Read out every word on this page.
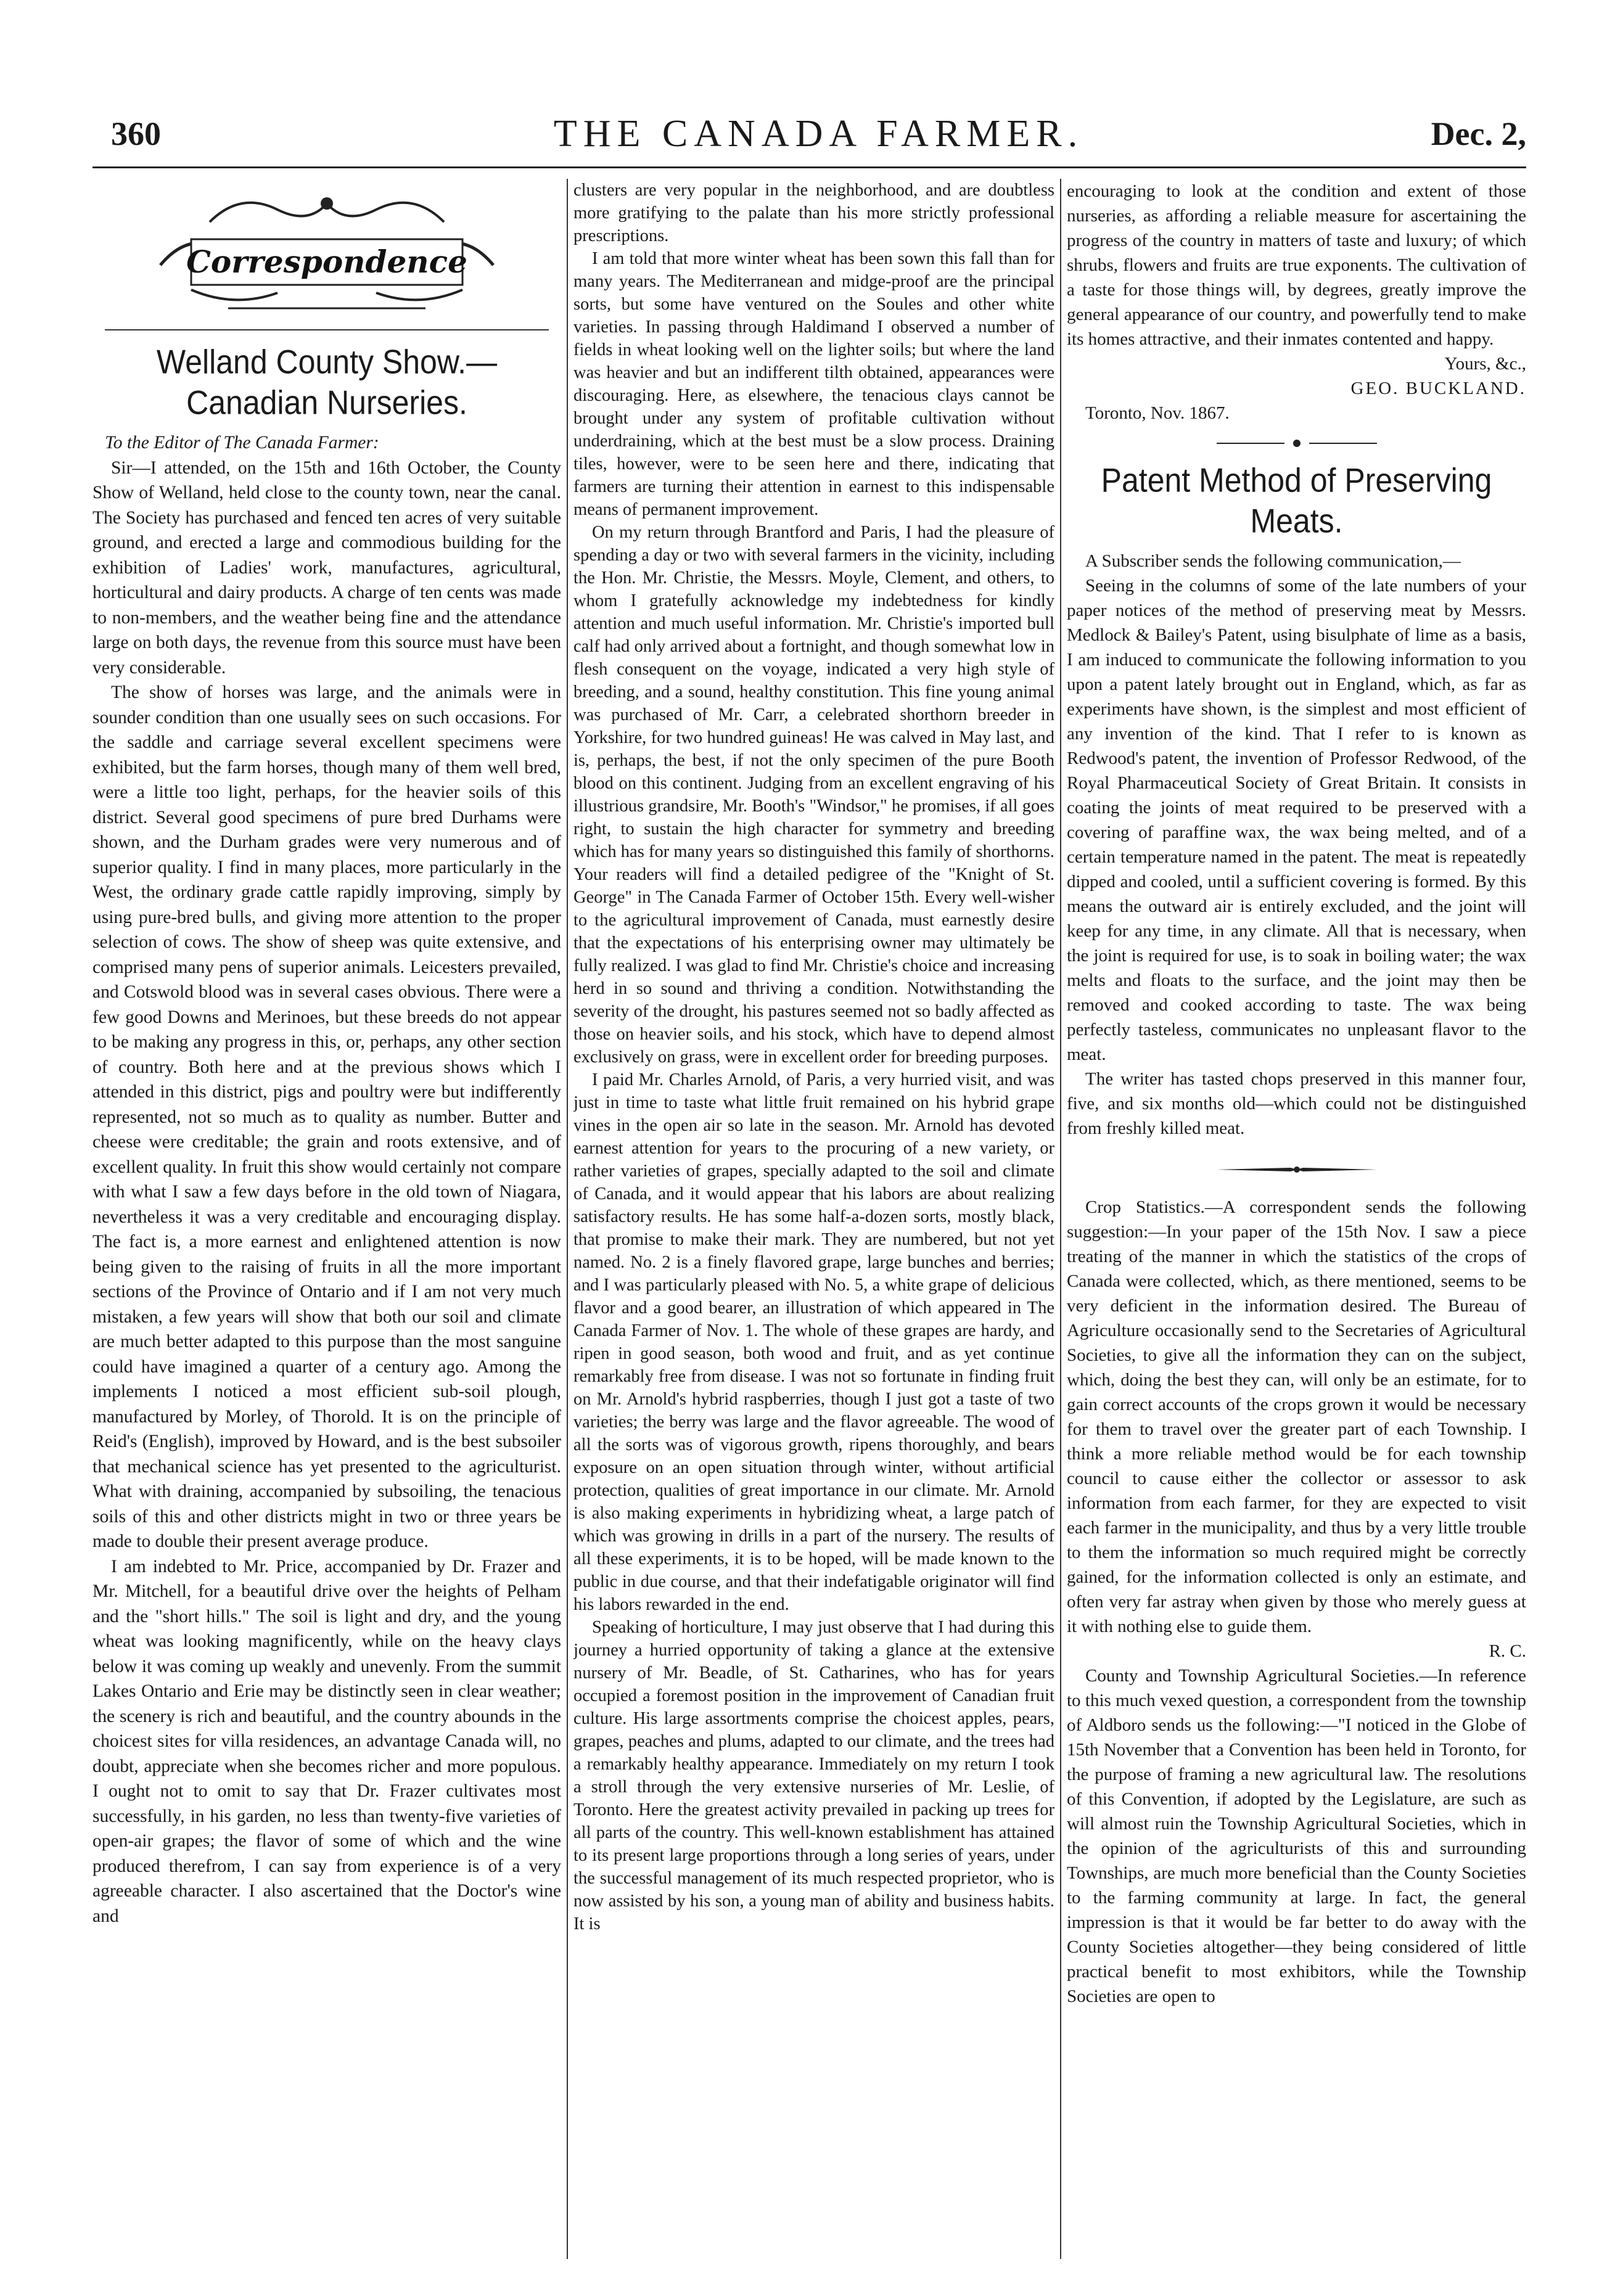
360	THE CANADA FARMER.	Dec. 2,
Correspondence
Welland County Show.—Canadian Nurseries.

To the Editor of The Canada Farmer:

Sir—I attended, on the 15th and 16th October, the County Show of Welland, held close to the county town, near the canal. The Society has purchased and fenced ten acres of very suitable ground, and erected a large and commodious building for the exhibition of Ladies' work, manufactures, agricultural, horticultural and dairy products. A charge of ten cents was made to non-members, and the weather being fine and the attendance large on both days, the revenue from this source must have been very considerable.

The show of horses was large, and the animals were in sounder condition than one usually sees on such occasions. For the saddle and carriage several excellent specimens were exhibited, but the farm horses, though many of them well bred, were a little too light, perhaps, for the heavier soils of this district. Several good specimens of pure bred Durhams were shown, and the Durham grades were very numerous and of superior quality. I find in many places, more particularly in the West, the ordinary grade cattle rapidly improving, simply by using pure-bred bulls, and giving more attention to the proper selection of cows. The show of sheep was quite extensive, and comprised many pens of superior animals. Leicesters prevailed, and Cotswold blood was in several cases obvious. There were a few good Downs and Merinoes, but these breeds do not appear to be making any progress in this, or, perhaps, any other section of country. Both here and at the previous shows which I attended in this district, pigs and poultry were but indifferently represented, not so much as to quality as number. Butter and cheese were creditable; the grain and roots extensive, and of excellent quality. In fruit this show would certainly not compare with what I saw a few days before in the old town of Niagara, nevertheless it was a very creditable and encouraging display. The fact is, a more earnest and enlightened attention is now being given to the raising of fruits in all the more important sections of the Province of Ontario and if I am not very much mistaken, a few years will show that both our soil and climate are much better adapted to this purpose than the most sanguine could have imagined a quarter of a century ago. Among the implements I noticed a most efficient sub-soil plough, manufactured by Morley, of Thorold. It is on the principle of Reid's (English), improved by Howard, and is the best subsoiler that mechanical science has yet presented to the agriculturist. What with draining, accompanied by subsoiling, the tenacious soils of this and other districts might in two or three years be made to double their present average produce.

I am indebted to Mr. Price, accompanied by Dr. Frazer and Mr. Mitchell, for a beautiful drive over the heights of Pelham and the "short hills." The soil is light and dry, and the young wheat was looking magnificently, while on the heavy clays below it was coming up weakly and unevenly. From the summit Lakes Ontario and Erie may be distinctly seen in clear weather; the scenery is rich and beautiful, and the country abounds in the choicest sites for villa residences, an advantage Canada will, no doubt, appreciate when she becomes richer and more populous. I ought not to omit to say that Dr. Frazer cultivates most successfully, in his garden, no less than twenty-five varieties of open-air grapes; the flavor of some of which and the wine produced therefrom, I can say from experience is of a very agreeable character. I also ascertained that the Doctor's wine and

clusters are very popular in the neighborhood, and are doubtless more gratifying to the palate than his more strictly professional prescriptions.

I am told that more winter wheat has been sown this fall than for many years. The Mediterranean and midge-proof are the principal sorts, but some have ventured on the Soules and other white varieties. In passing through Haldimand I observed a number of fields in wheat looking well on the lighter soils; but where the land was heavier and but an indifferent tilth obtained, appearances were discouraging. Here, as elsewhere, the tenacious clays cannot be brought under any system of profitable cultivation without underdraining, which at the best must be a slow process. Draining tiles, however, were to be seen here and there, indicating that farmers are turning their attention in earnest to this indispensable means of permanent improvement.

On my return through Brantford and Paris, I had the pleasure of spending a day or two with several farmers in the vicinity, including the Hon. Mr. Christie, the Messrs. Moyle, Clement, and others, to whom I gratefully acknowledge my indebtedness for kindly attention and much useful information. Mr. Christie's imported bull calf had only arrived about a fortnight, and though somewhat low in flesh consequent on the voyage, indicated a very high style of breeding, and a sound, healthy constitution. This fine young animal was purchased of Mr. Carr, a celebrated shorthorn breeder in Yorkshire, for two hundred guineas! He was calved in May last, and is, perhaps, the best, if not the only specimen of the pure Booth blood on this continent. Judging from an excellent engraving of his illustrious grandsire, Mr. Booth's "Windsor," he promises, if all goes right, to sustain the high character for symmetry and breeding which has for many years so distinguished this family of shorthorns. Your readers will find a detailed pedigree of the "Knight of St. George" in The Canada Farmer of October 15th. Every well-wisher to the agricultural improvement of Canada, must earnestly desire that the expectations of his enterprising owner may ultimately be fully realized. I was glad to find Mr. Christie's choice and increasing herd in so sound and thriving a condition. Notwithstanding the severity of the drought, his pastures seemed not so badly affected as those on heavier soils, and his stock, which have to depend almost exclusively on grass, were in excellent order for breeding purposes.

I paid Mr. Charles Arnold, of Paris, a very hurried visit, and was just in time to taste what little fruit remained on his hybrid grape vines in the open air so late in the season. Mr. Arnold has devoted earnest attention for years to the procuring of a new variety, or rather varieties of grapes, specially adapted to the soil and climate of Canada, and it would appear that his labors are about realizing satisfactory results. He has some half-a-dozen sorts, mostly black, that promise to make their mark. They are numbered, but not yet named. No. 2 is a finely flavored grape, large bunches and berries; and I was particularly pleased with No. 5, a white grape of delicious flavor and a good bearer, an illustration of which appeared in The Canada Farmer of Nov. 1. The whole of these grapes are hardy, and ripen in good season, both wood and fruit, and as yet continue remarkably free from disease. I was not so fortunate in finding fruit on Mr. Arnold's hybrid raspberries, though I just got a taste of two varieties; the berry was large and the flavor agreeable. The wood of all the sorts was of vigorous growth, ripens thoroughly, and bears exposure on an open situation through winter, without artificial protection, qualities of great importance in our climate. Mr. Arnold is also making experiments in hybridizing wheat, a large patch of which was growing in drills in a part of the nursery. The results of all these experiments, it is to be hoped, will be made known to the public in due course, and that their indefatigable originator will find his labors rewarded in the end.

Speaking of horticulture, I may just observe that I had during this journey a hurried opportunity of taking a glance at the extensive nursery of Mr. Beadle, of St. Catharines, who has for years occupied a foremost position in the improvement of Canadian fruit culture. His large assortments comprise the choicest apples, pears, grapes, peaches and plums, adapted to our climate, and the trees had a remarkably healthy appearance. Immediately on my return I took a stroll through the very extensive nurseries of Mr. Leslie, of Toronto. Here the greatest activity prevailed in packing up trees for all parts of the country. This well-known establishment has attained to its present large proportions through a long series of years, under the successful management of its much respected proprietor, who is now assisted by his son, a young man of ability and business habits. It is

encouraging to look at the condition and extent of those nurseries, as affording a reliable measure for ascertaining the progress of the country in matters of taste and luxury; of which shrubs, flowers and fruits are true exponents. The cultivation of a taste for those things will, by degrees, greatly improve the general appearance of our country, and powerfully tend to make its homes attractive, and their inmates contented and happy.

Yours, &c.,

GEO. BUCKLAND.

Toronto, Nov. 1867.

Patent Method of Preserving Meats.

A Subscriber sends the following communication,—

Seeing in the columns of some of the late numbers of your paper notices of the method of preserving meat by Messrs. Medlock & Bailey's Patent, using bisulphate of lime as a basis, I am induced to communicate the following information to you upon a patent lately brought out in England, which, as far as experiments have shown, is the simplest and most efficient of any invention of the kind. That I refer to is known as Redwood's patent, the invention of Professor Redwood, of the Royal Pharmaceutical Society of Great Britain. It consists in coating the joints of meat required to be preserved with a covering of paraffine wax, the wax being melted, and of a certain temperature named in the patent. The meat is repeatedly dipped and cooled, until a sufficient covering is formed. By this means the outward air is entirely excluded, and the joint will keep for any time, in any climate. All that is necessary, when the joint is required for use, is to soak in boiling water; the wax melts and floats to the surface, and the joint may then be removed and cooked according to taste. The wax being perfectly tasteless, communicates no unpleasant flavor to the meat.

The writer has tasted chops preserved in this manner four, five, and six months old—which could not be distinguished from freshly killed meat.

Crop Statistics.—A correspondent sends the following suggestion:—In your paper of the 15th Nov. I saw a piece treating of the manner in which the statistics of the crops of Canada were collected, which, as there mentioned, seems to be very deficient in the information desired. The Bureau of Agriculture occasionally send to the Secretaries of Agricultural Societies, to give all the information they can on the subject, which, doing the best they can, will only be an estimate, for to gain correct accounts of the crops grown it would be necessary for them to travel over the greater part of each Township. I think a more reliable method would be for each township council to cause either the collector or assessor to ask information from each farmer, for they are expected to visit each farmer in the municipality, and thus by a very little trouble to them the information so much required might be correctly gained, for the information collected is only an estimate, and often very far astray when given by those who merely guess at it with nothing else to guide them.

R. C.

County and Township Agricultural Societies.—In reference to this much vexed question, a correspondent from the township of Aldboro sends us the following:—"I noticed in the Globe of 15th November that a Convention has been held in Toronto, for the purpose of framing a new agricultural law. The resolutions of this Convention, if adopted by the Legislature, are such as will almost ruin the Township Agricultural Societies, which in the opinion of the agriculturists of this and surrounding Townships, are much more beneficial than the County Societies to the farming community at large. In fact, the general impression is that it would be far better to do away with the County Societies altogether—they being considered of little practical benefit to most exhibitors, while the Township Societies are open to
